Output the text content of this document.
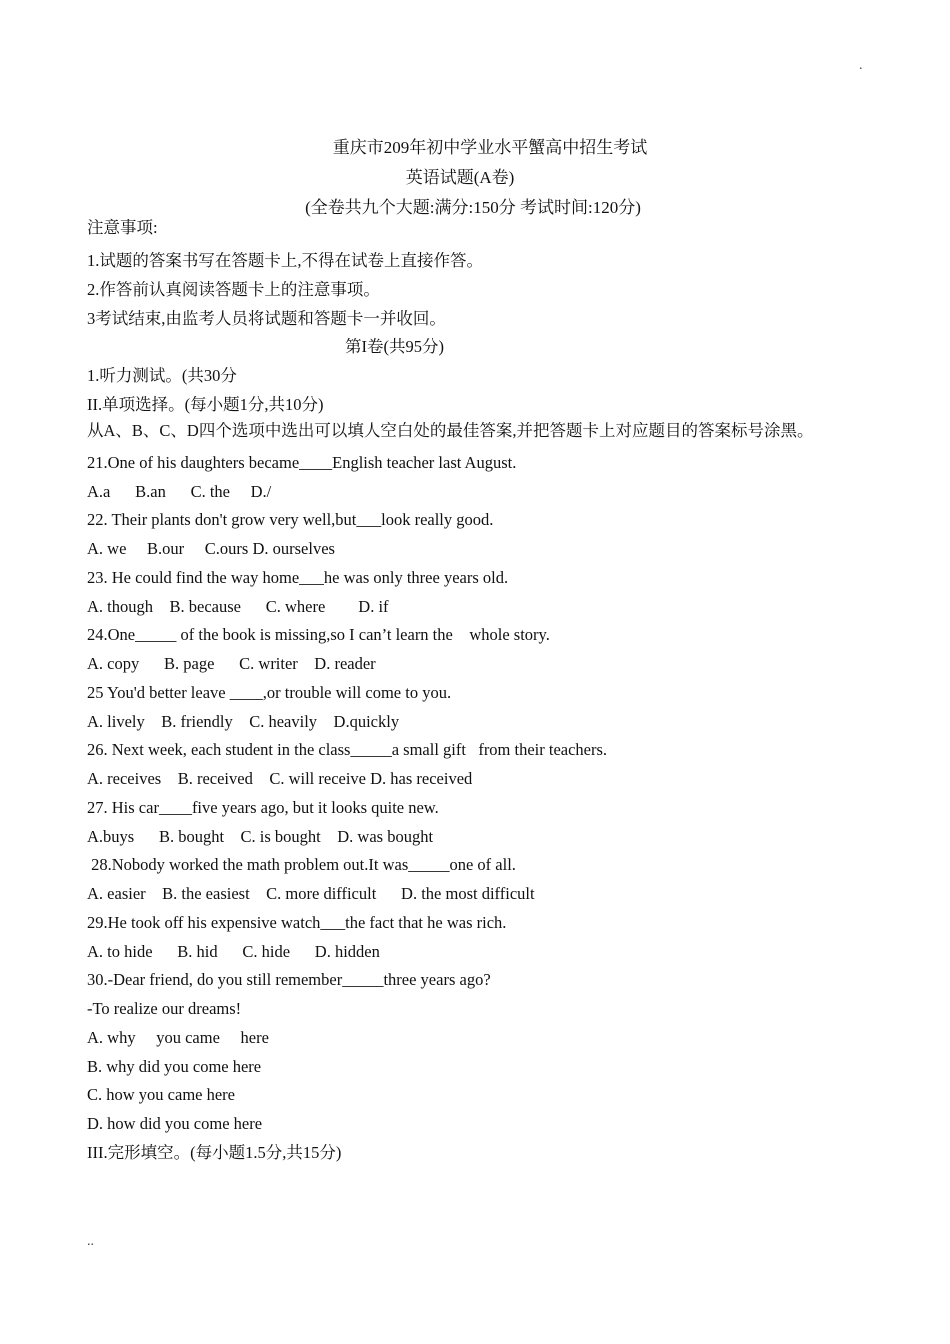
.
重庆市209年初中学业水平蟹高中招生考试
英语试题(A卷)
(全卷共九个大题:满分:150分 考试时间:120分)
注意事项:
1.试题的答案书写在答题卡上,不得在试卷上直接作答。
2.作答前认真阅读答题卡上的注意事项。
3考试结束,由监考人员将试题和答题卡一并收回。
第I卷(共95分)
1.听力测试。(共30分
II.单项选择。(每小题1分,共10分)
从A、B、C、D四个选项中选出可以填人空白处的最佳答案,并把答题卡上对应题目的答案标号涂黑。
21.One of his daughters became____English teacher last August.
A.a      B.an      C. the     D./
22. Their plants don't grow very well,but___look really good.
A. we     B.our     C.ours D. ourselves
23. He could find the way home___he was only three years old.
A. though    B. because      C. where        D. if
24.One_____ of the book is missing,so I can’t learn the    whole story.
A. copy      B. page      C. writer    D. reader
25 You'd better leave ____,or trouble will come to you.
A. lively    B. friendly    C. heavily    D.quickly
26. Next week, each student in the class_____a small gift   from their teachers.
A. receives    B. received    C. will receive D. has received
27. His car____five years ago, but it looks quite new.
A.buys      B. bought    C. is bought    D. was bought
28.Nobody worked the math problem out.It was_____one of all.
A. easier    B. the easiest    C. more difficult      D. the most difficult
29.He took off his expensive watch___the fact that he was rich.
A. to hide      B. hid      C. hide      D. hidden
30.-Dear friend, do you still remember_____three years ago?
-To realize our dreams!
A. why     you came     here
B. why did you come here
C. how you came here
D. how did you come here
III.完形填空。(每小题1.5分,共15分)
..
